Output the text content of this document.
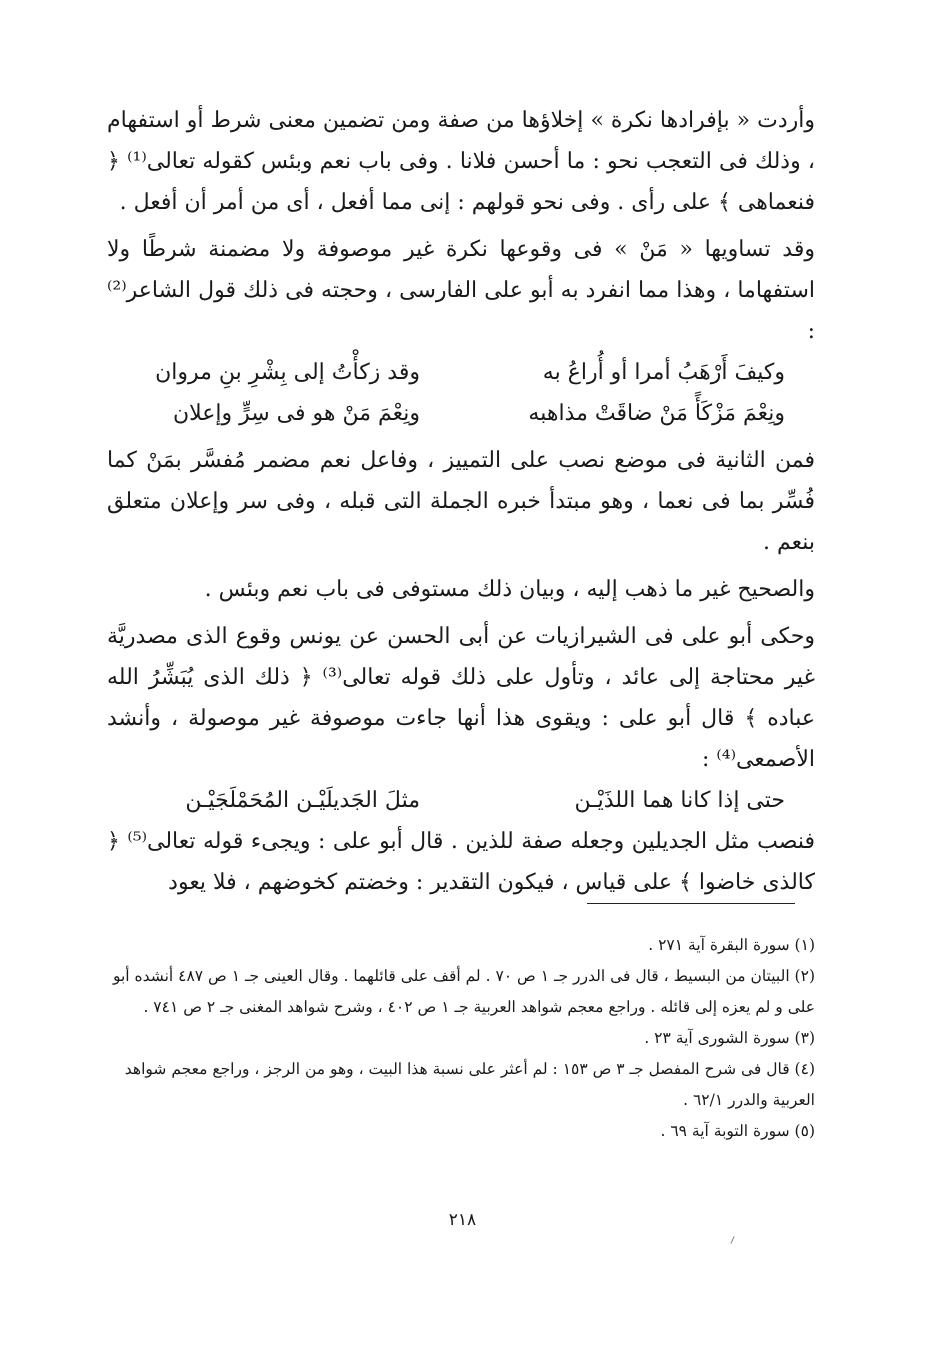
وأردت « بإفرادها نكرة » إخلاؤها من صفة ومن تضمين معنى شرط أو استفهام ، وذلك فى التعجب نحو : ما أحسن فلانا . وفى باب نعم وبئس كقوله تعالى⁽¹⁾ ﴿ فنعماهى ﴾ على رأى . وفى نحو قولهم : إنى مما أفعل ، أى من أمر أن أفعل .

وقد تساويها « مَنْ » فى وقوعها نكرة غير موصوفة ولا مضمنة شرطًا ولا استفهاما ، وهذا مما انفرد به أبو على الفارسى ، وحجته فى ذلك قول الشاعر⁽²⁾ :

وكيفَ أَرْهَبُ أمرا أو أُراعُ به
وقد زكأْتُ إلى بِشْرِ بنِ مروان
ونِعْمَ مَزْكَأً مَنْ ضاقَتْ مذاهبه
ونِعْمَ مَنْ هو فى سِرٍّ وإعلان

فمن الثانية فى موضع نصب على التمييز ، وفاعل نعم مضمر مُفسَّر بمَنْ كما فُسِّر بما فى نعما ، وهو مبتدأ خبره الجملة التى قبله ، وفى سر وإعلان متعلق بنعم .

والصحيح غير ما ذهب إليه ، وبيان ذلك مستوفى فى باب نعم وبئس .

وحكى أبو على فى الشيرازيات عن أبى الحسن عن يونس وقوع الذى مصدريَّة غير محتاجة إلى عائد ، وتأول على ذلك قوله تعالى⁽³⁾ ﴿ ذلك الذى يُبَشِّرُ الله عباده ﴾ قال أبو على : ويقوى هذا أنها جاءت موصوفة غير موصولة ، وأنشد الأصمعى⁽⁴⁾ :

حتى إذا كانا هما اللذَيْـن
مثلَ الجَديلَيْـن المُحَمْلَجَيْـن

فنصب مثل الجديلين وجعله صفة للذين . قال أبو على : ويجىء قوله تعالى⁽⁵⁾ ﴿ كالذى خاضوا ﴾ على قياس ، فيكون التقدير : وخضتم كخوضهم ، فلا يعود

(١) سورة البقرة آية ٢٧١ .

(٢) البيتان من البسيط ، قال فى الدرر جـ ١ ص ٧٠ . لم أقف على قائلهما . وقال العينى جـ ١ ص ٤٨٧ أنشده أبو على و لم يعزه إلى قائله . وراجع معجم شواهد العربية جـ ١ ص ٤٠٢ ، وشرح شواهد المغنى جـ ٢ ص ٧٤١ .

(٣) سورة الشورى آية ٢٣ .

(٤) قال فى شرح المفصل جـ ٣ ص ١٥٣ : لم أعثر على نسبة هذا البيت ، وهو من الرجز ، وراجع معجم شواهد العربية والدرر ٦٢/١ .

(٥) سورة التوبة آية ٦٩ .

٢١٨
